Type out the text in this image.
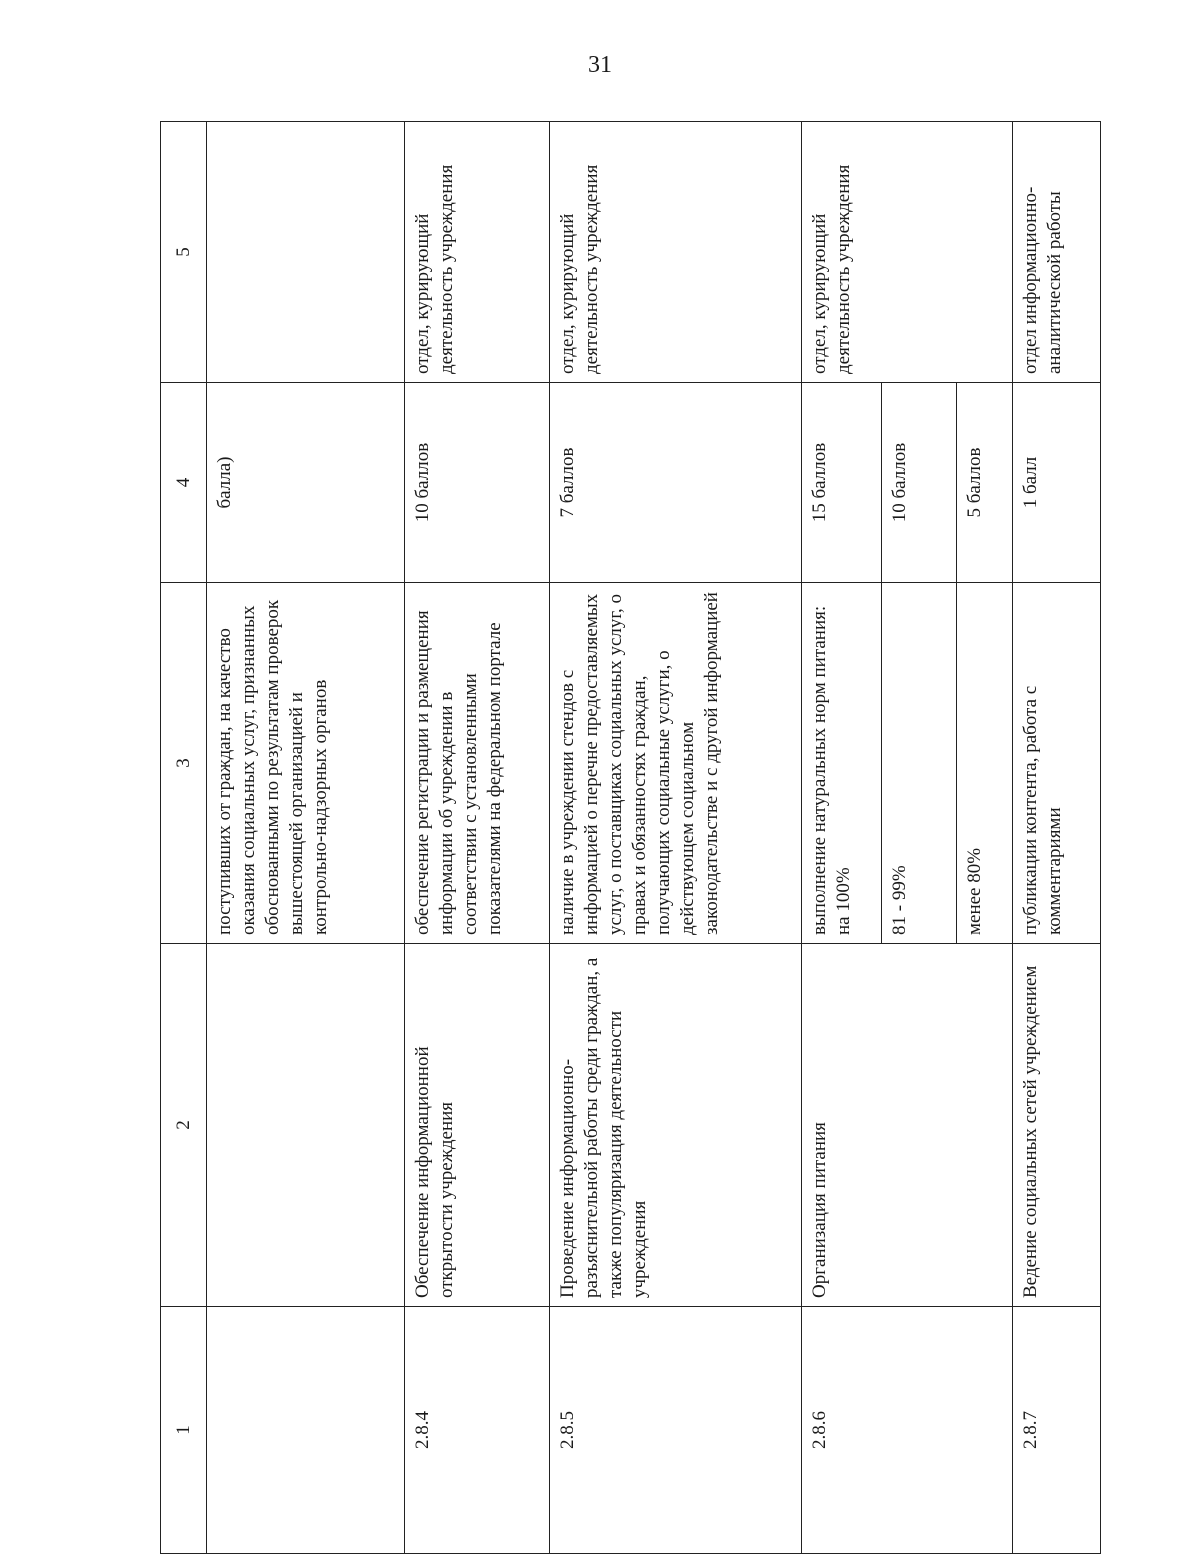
31
1	2	3	4	5
		поступивших от граждан, на качество оказания социальных услуг, признанных обоснованными по результатам проверок вышестоящей организацией и контрольно-надзорных органов	балла)	
2.8.4	Обеспечение информационной открытости учреждения	обеспечение регистрации и размещения информации об учреждении в соответствии с установленными показателями на федеральном портале	10 баллов	отдел, курирующий деятельность учреждения
2.8.5	Проведение информационно-разъяснительной работы среди граждан, а также популяризация деятельности учреждения	наличие в учреждении стендов с информацией о перечне предоставляемых услуг, о поставщиках социальных услуг, о правах и обязанностях граждан, получающих социальные услуги, о действующем социальном законодательстве и с другой информацией	7 баллов	отдел, курирующий деятельность учреждения
2.8.6	Организация питания	выполнение натуральных норм питания: на 100%	15 баллов	отдел, курирующий деятельность учреждения
		81 - 99%	10 баллов	
		менее 80%	5 баллов	
2.8.7	Ведение социальных сетей учреждением	публикации контента, работа с комментариями	1 балл	отдел информационно-аналитической работы
